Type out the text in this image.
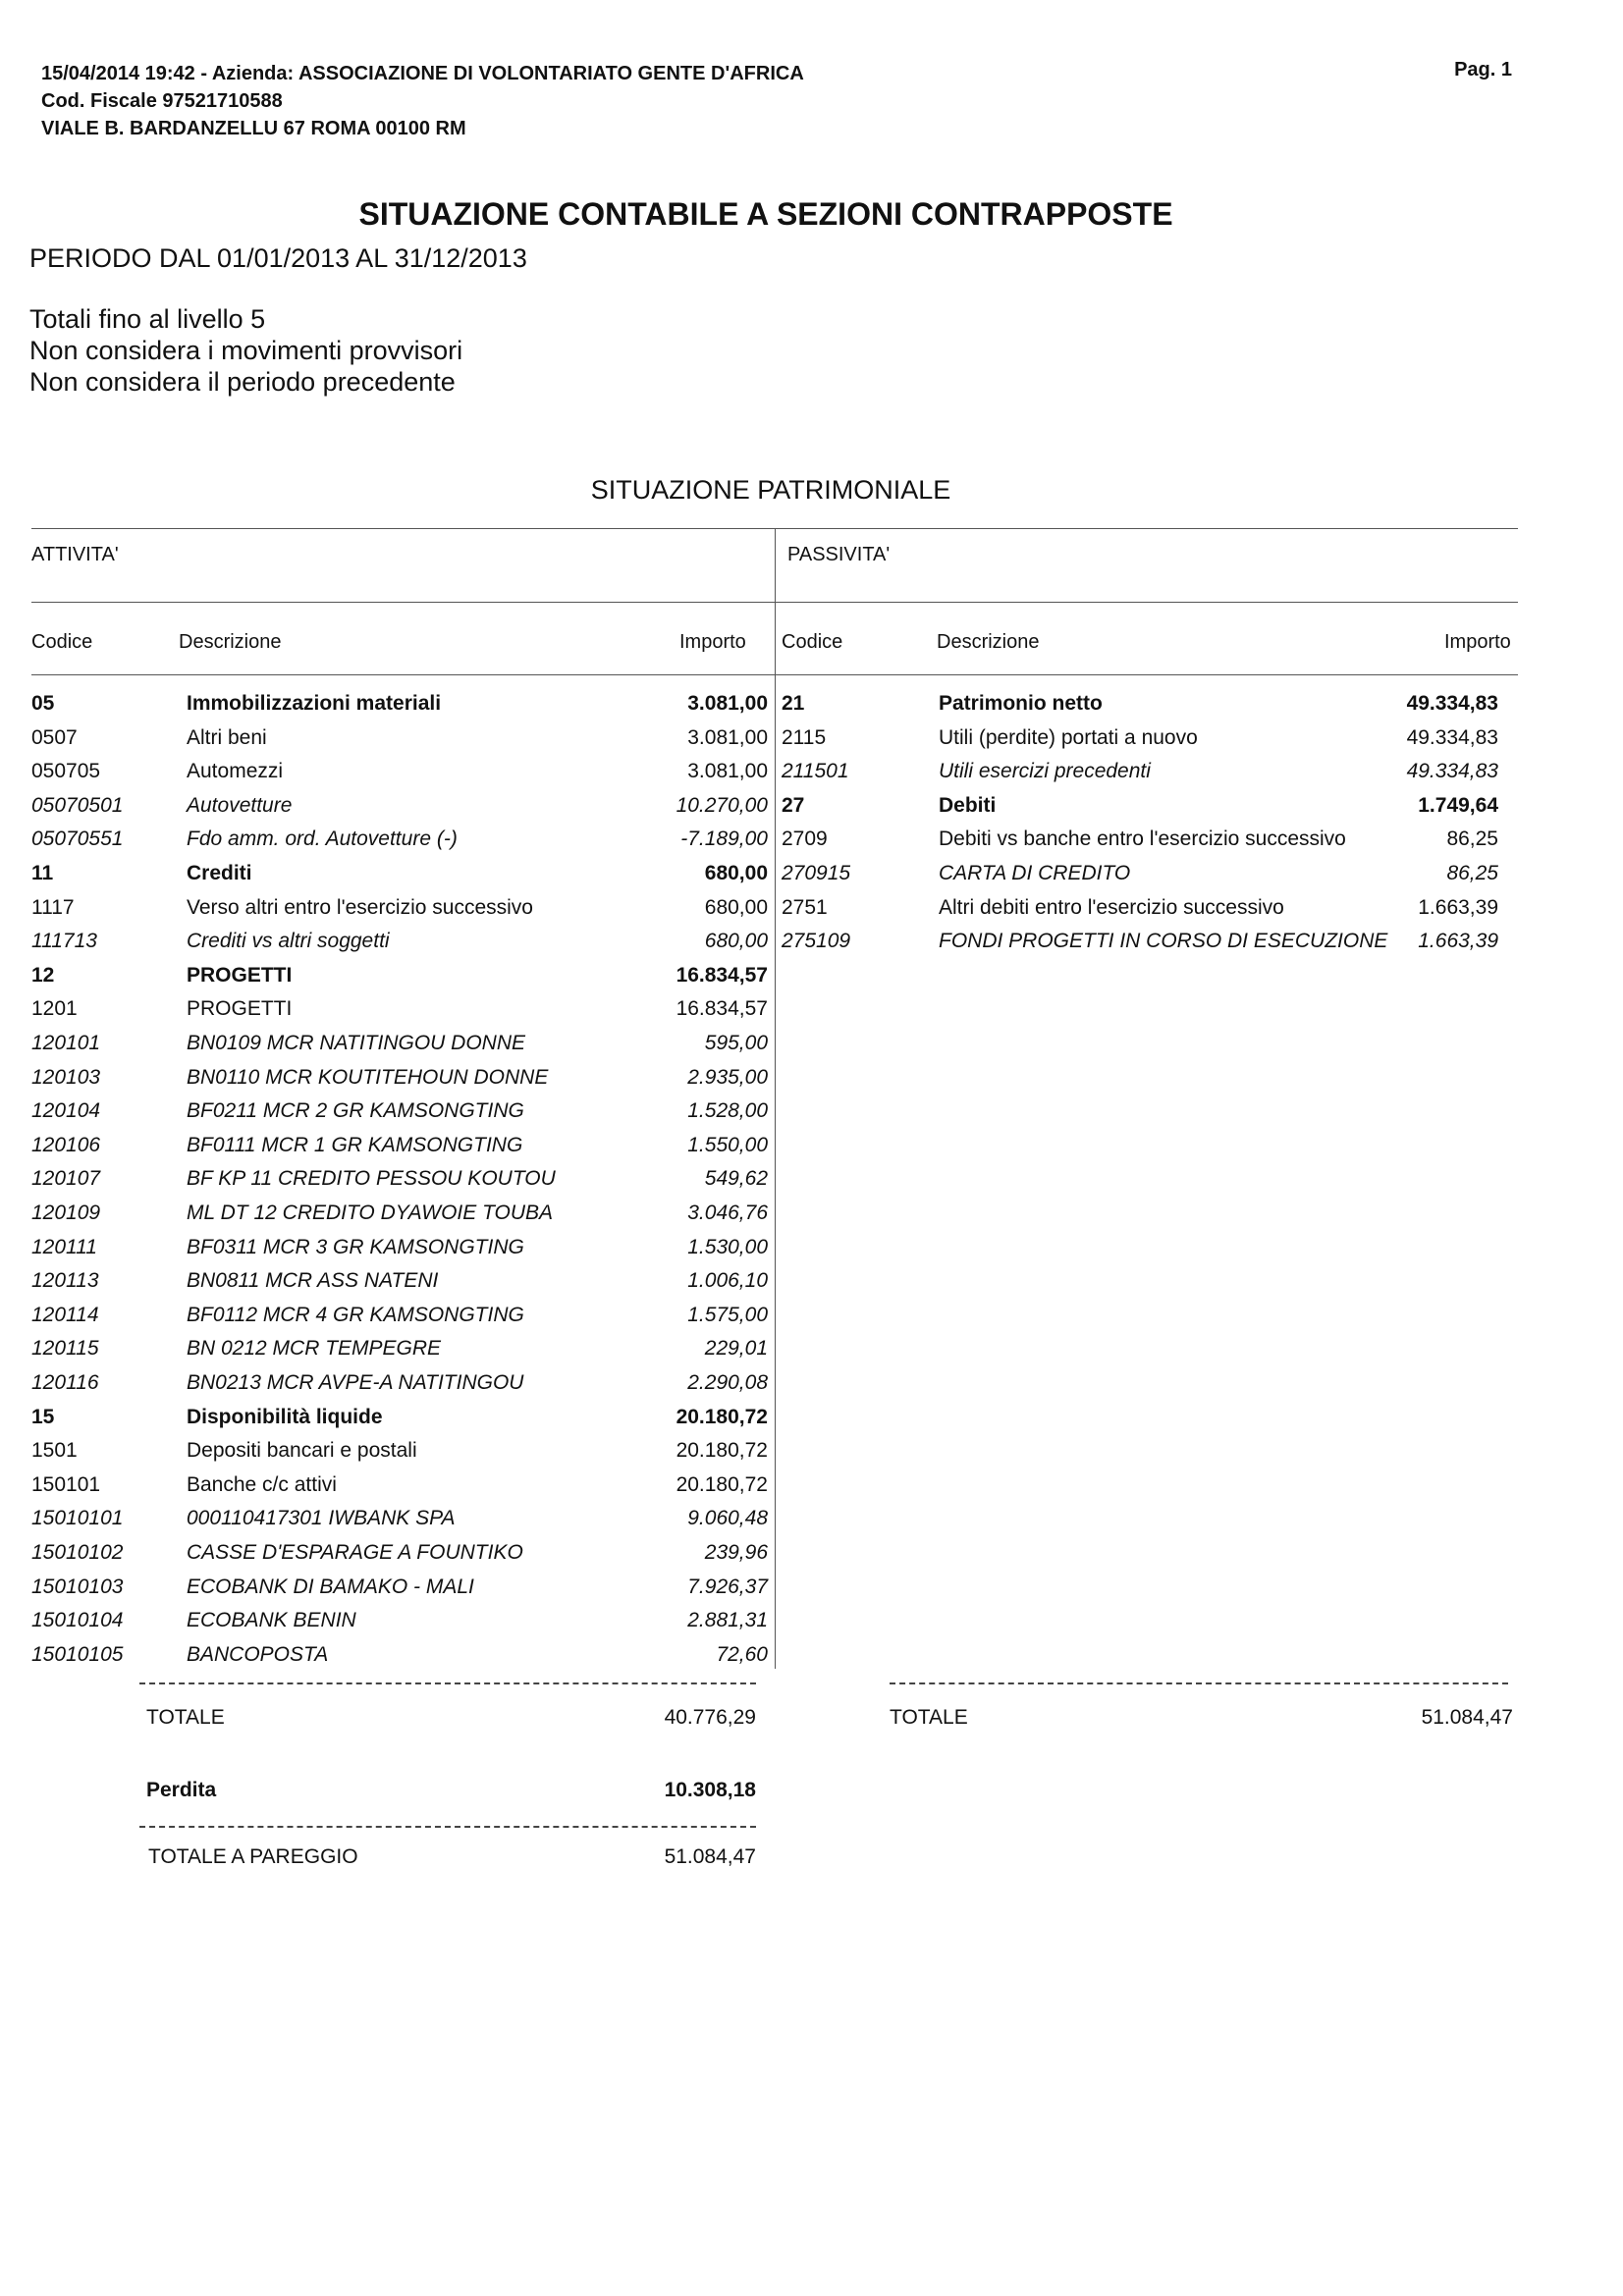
15/04/2014 19:42 - Azienda: ASSOCIAZIONE DI VOLONTARIATO GENTE D'AFRICA
Cod. Fiscale 97521710588
VIALE B. BARDANZELLU 67 ROMA 00100 RM
Pag. 1
SITUAZIONE CONTABILE A SEZIONI CONTRAPPOSTE
PERIODO DAL 01/01/2013 AL 31/12/2013
Totali fino al livello 5
Non considera i movimenti provvisori
Non considera il periodo precedente
SITUAZIONE PATRIMONIALE
ATTIVITA'	PASSIVITA'
Codice	Descrizione	Importo Codice	Descrizione	Importo
05	Immobilizzazioni materiali	3.081,00
0507	Altri beni	3.081,00
050705	Automezzi	3.081,00
05070501	Autovetture	10.270,00
05070551	Fdo amm. ord. Autovetture (-)	-7.189,00
11	Crediti	680,00
1117	Verso altri entro l'esercizio successivo	680,00
111713	Crediti vs altri soggetti	680,00
12	PROGETTI	16.834,57
1201	PROGETTI	16.834,57
120101	BN0109 MCR NATITINGOU DONNE	595,00
120103	BN0110 MCR KOUTITEHOUN DONNE	2.935,00
120104	BF0211 MCR 2 GR KAMSONGTING	1.528,00
120106	BF0111 MCR 1 GR KAMSONGTING	1.550,00
120107	BF KP 11 CREDITO PESSOU KOUTOU	549,62
120109	ML DT 12 CREDITO DYAWOIE TOUBA	3.046,76
120111	BF0311 MCR 3 GR KAMSONGTING	1.530,00
120113	BN0811 MCR ASS NATENI	1.006,10
120114	BF0112 MCR 4 GR KAMSONGTING	1.575,00
120115	BN 0212 MCR TEMPEGRE	229,01
120116	BN0213 MCR AVPE-A NATITINGOU	2.290,08
15	Disponibilità liquide	20.180,72
1501	Depositi bancari e postali	20.180,72
150101	Banche c/c attivi	20.180,72
15010101	000110417301 IWBANK SPA	9.060,48
15010102	CASSE D'ESPARAGE A FOUNTIKO	239,96
15010103	ECOBANK DI BAMAKO - MALI	7.926,37
15010104	ECOBANK BENIN	2.881,31
15010105	BANCOPOSTA	72,60
21	Patrimonio netto	49.334,83
2115	Utili (perdite) portati a nuovo	49.334,83
211501	Utili esercizi precedenti	49.334,83
27	Debiti	1.749,64
2709	Debiti vs banche entro l'esercizio successivo	86,25
270915	CARTA DI CREDITO	86,25
2751	Altri debiti entro l'esercizio successivo	1.663,39
275109	FONDI PROGETTI IN CORSO DI ESECUZIONE	1.663,39
TOTALE	40.776,29	TOTALE	51.084,47
Perdita	10.308,18
TOTALE A PAREGGIO	51.084,47
